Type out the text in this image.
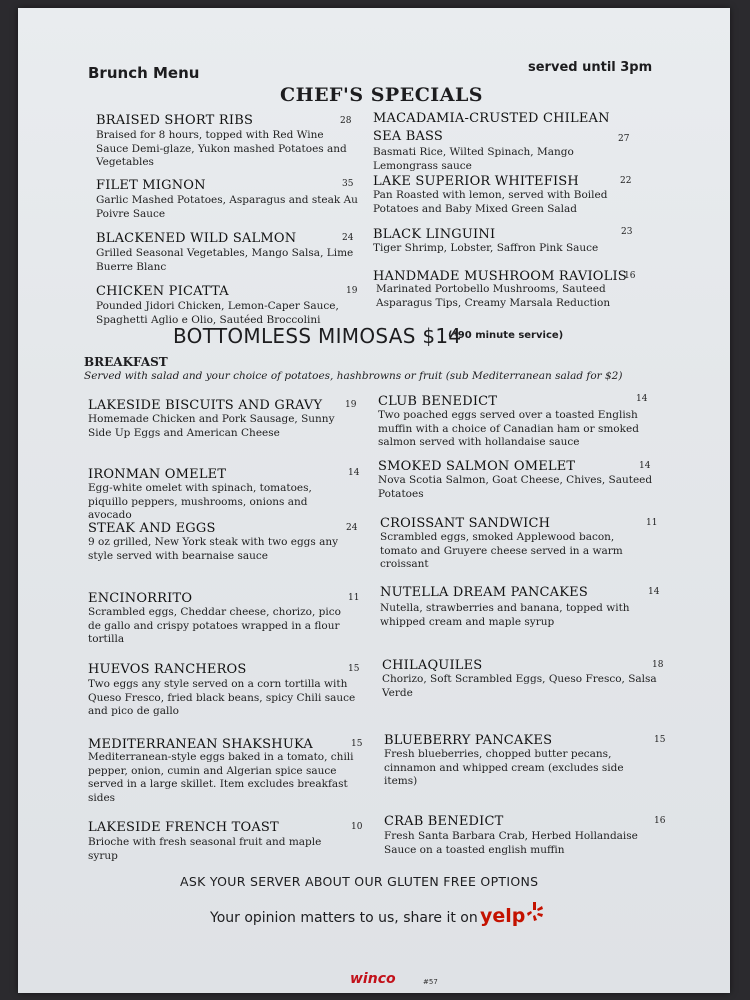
Brunch Menu	served until 3pm
CHEF'S SPECIALS
BRAISED SHORT RIBS	28
Braised for 8 hours, topped with Red Wine Sauce Demi-glaze, Yukon mashed Potatoes and Vegetables
FILET MIGNON	35
Garlic Mashed Potatoes, Asparagus and steak Au Poivre Sauce
BLACKENED WILD SALMON	24
Grilled Seasonal Vegetables, Mango Salsa, Lime Buerre Blanc
CHICKEN PICATTA	19
Pounded Jidori Chicken, Lemon-Caper Sauce, Spaghetti Aglio e Olio, Sautéed Broccolini
MACADAMIA-CRUSTED CHILEAN SEA BASS	27
Basmati Rice, Wilted Spinach, Mango Lemongrass sauce
LAKE SUPERIOR WHITEFISH	22
Pan Roasted with lemon, served with Boiled Potatoes and Baby Mixed Green Salad
BLACK LINGUINI	23
Tiger Shrimp, Lobster, Saffron Pink Sauce
HANDMADE MUSHROOM RAVIOLIS
16
Marinated Portobello Mushrooms, Sauteed Asparagus Tips, Creamy Marsala Reduction
BOTTOMLESS MIMOSAS $14
(*90 minute service)
BREAKFAST
Served with salad and your choice of potatoes, hashbrowns or fruit (sub Mediterranean salad for $2)
LAKESIDE BISCUITS AND GRAVY	19
Homemade Chicken and Pork Sausage, Sunny Side Up Eggs and American Cheese
IRONMAN OMELET	14
Egg-white omelet with spinach, tomatoes, piquillo peppers, mushrooms, onions and avocado
STEAK AND EGGS	24
9 oz grilled, New York steak with two eggs any style served with bearnaise sauce
ENCINORRITO	11
Scrambled eggs, Cheddar cheese, chorizo, pico de gallo and crispy potatoes wrapped in a flour tortilla
HUEVOS RANCHEROS	15
Two eggs any style served on a corn tortilla with Queso Fresco, fried black beans, spicy Chili sauce and pico de gallo
MEDITERRANEAN SHAKSHUKA	15
Mediterranean-style eggs baked in a tomato, chili pepper, onion, cumin and Algerian spice sauce served in a large skillet. Item excludes breakfast sides
LAKESIDE FRENCH TOAST	10
Brioche with fresh seasonal fruit and maple syrup
CLUB BENEDICT	14
Two poached eggs served over a toasted English muffin with a choice of Canadian ham or smoked salmon served with hollandaise sauce
SMOKED SALMON OMELET	14
Nova Scotia Salmon, Goat Cheese, Chives, Sauteed Potatoes
CROISSANT SANDWICH	11
Scrambled eggs, smoked Applewood bacon, tomato and Gruyere cheese served in a warm croissant
NUTELLA DREAM PANCAKES	14
Nutella, strawberries and banana, topped with whipped cream and maple syrup
CHILAQUILES	18
Chorizo, Soft Scrambled Eggs, Queso Fresco, Salsa Verde
BLUEBERRY PANCAKES	15
Fresh blueberries, chopped butter pecans, cinnamon and whipped cream (excludes side items)
CRAB BENEDICT	16
Fresh Santa Barbara Crab, Herbed Hollandaise Sauce on a toasted english muffin
ASK YOUR SERVER ABOUT OUR GLUTEN FREE OPTIONS
Your opinion matters to us, share it on yelp
winco	#57
